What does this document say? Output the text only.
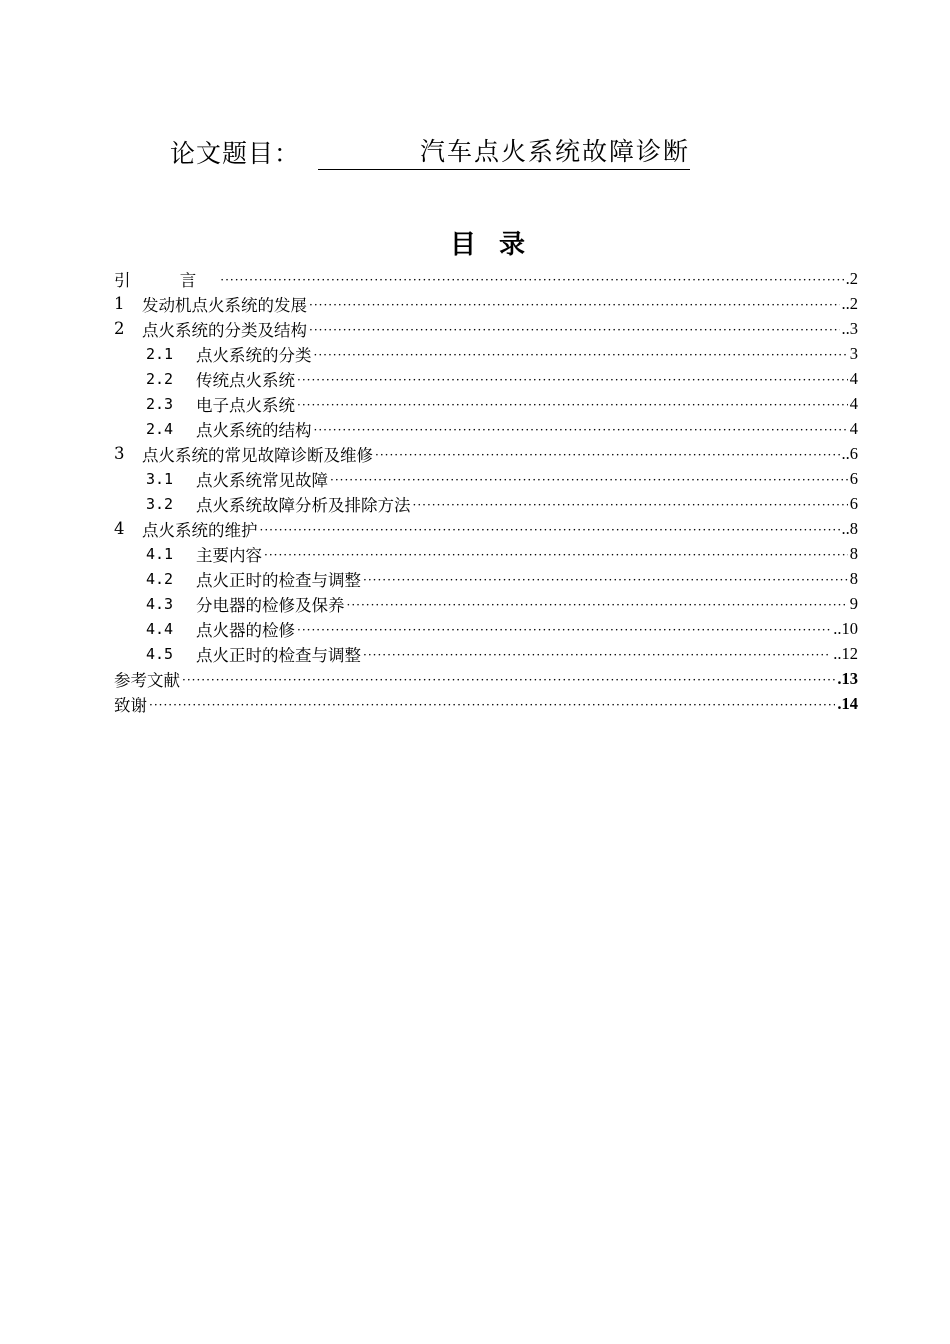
论文题目：	汽车点火系统故障诊断
目 录
引 言 ·····	.2
1	发动机点火系统的发展 ·····	..2
2	点火系统的分类及结构 ·····	..3
2.1	点火系统的分类 ·····	3
2.2	传统点火系统 ·····	4
2.3	电子点火系统 ·····	4
2.4	点火系统的结构 ·····	4
3	点火系统的常见故障诊断及维修 ·····	..6
3.1	点火系统常见故障 ·····	6
3.2	点火系统故障分析及排除方法 ·····	6
4	点火系统的维护 ·····	..8
4.1	主要内容 ·····	8
4.2	点火正时的检查与调整 ·····	8
4.3	分电器的检修及保养 ·····	9
4.4	点火器的检修 ·····	..10
4.5	点火正时的检查与调整 ·····	..12
参考文献 ·····	.13
致谢 ·····	.14
